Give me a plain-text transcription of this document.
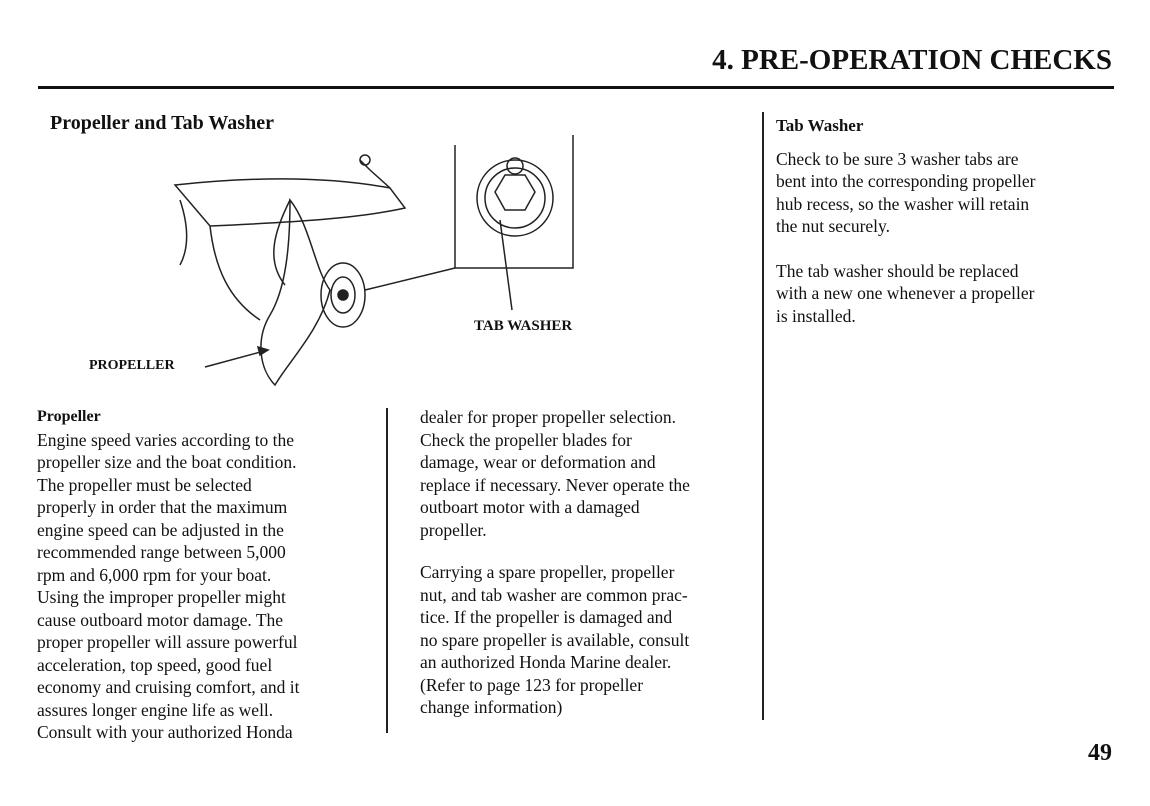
4. PRE-OPERATION CHECKS
Propeller and Tab Washer
TAB WASHER
PROPELLER
Propeller

Engine speed varies according to the

propeller size and the boat condition.

The propeller must be selected

properly in order that the maximum

engine speed can be adjusted in the

recommended range between 5,000

rpm and 6,000 rpm for your boat.

Using the improper propeller might

cause outboard motor damage. The

proper propeller will assure powerful

acceleration, top speed, good fuel

economy and cruising comfort, and it

assures longer engine life as well.

Consult with your authorized Honda

dealer for proper propeller selection.

Check the propeller blades for

damage, wear or deformation and

replace if necessary. Never operate the

outboart motor with a damaged

propeller.

Carrying a spare propeller, propeller

nut, and tab washer are common prac-

tice. If the propeller is damaged and

no spare propeller is available, consult

an authorized Honda Marine dealer.

(Refer to page 123 for propeller

change information)

Tab Washer

Check to be sure 3 washer tabs are

bent into the corresponding propeller

hub recess, so the washer will retain

the nut securely.

The tab washer should be replaced

with a new one whenever a propeller

is installed.

49
